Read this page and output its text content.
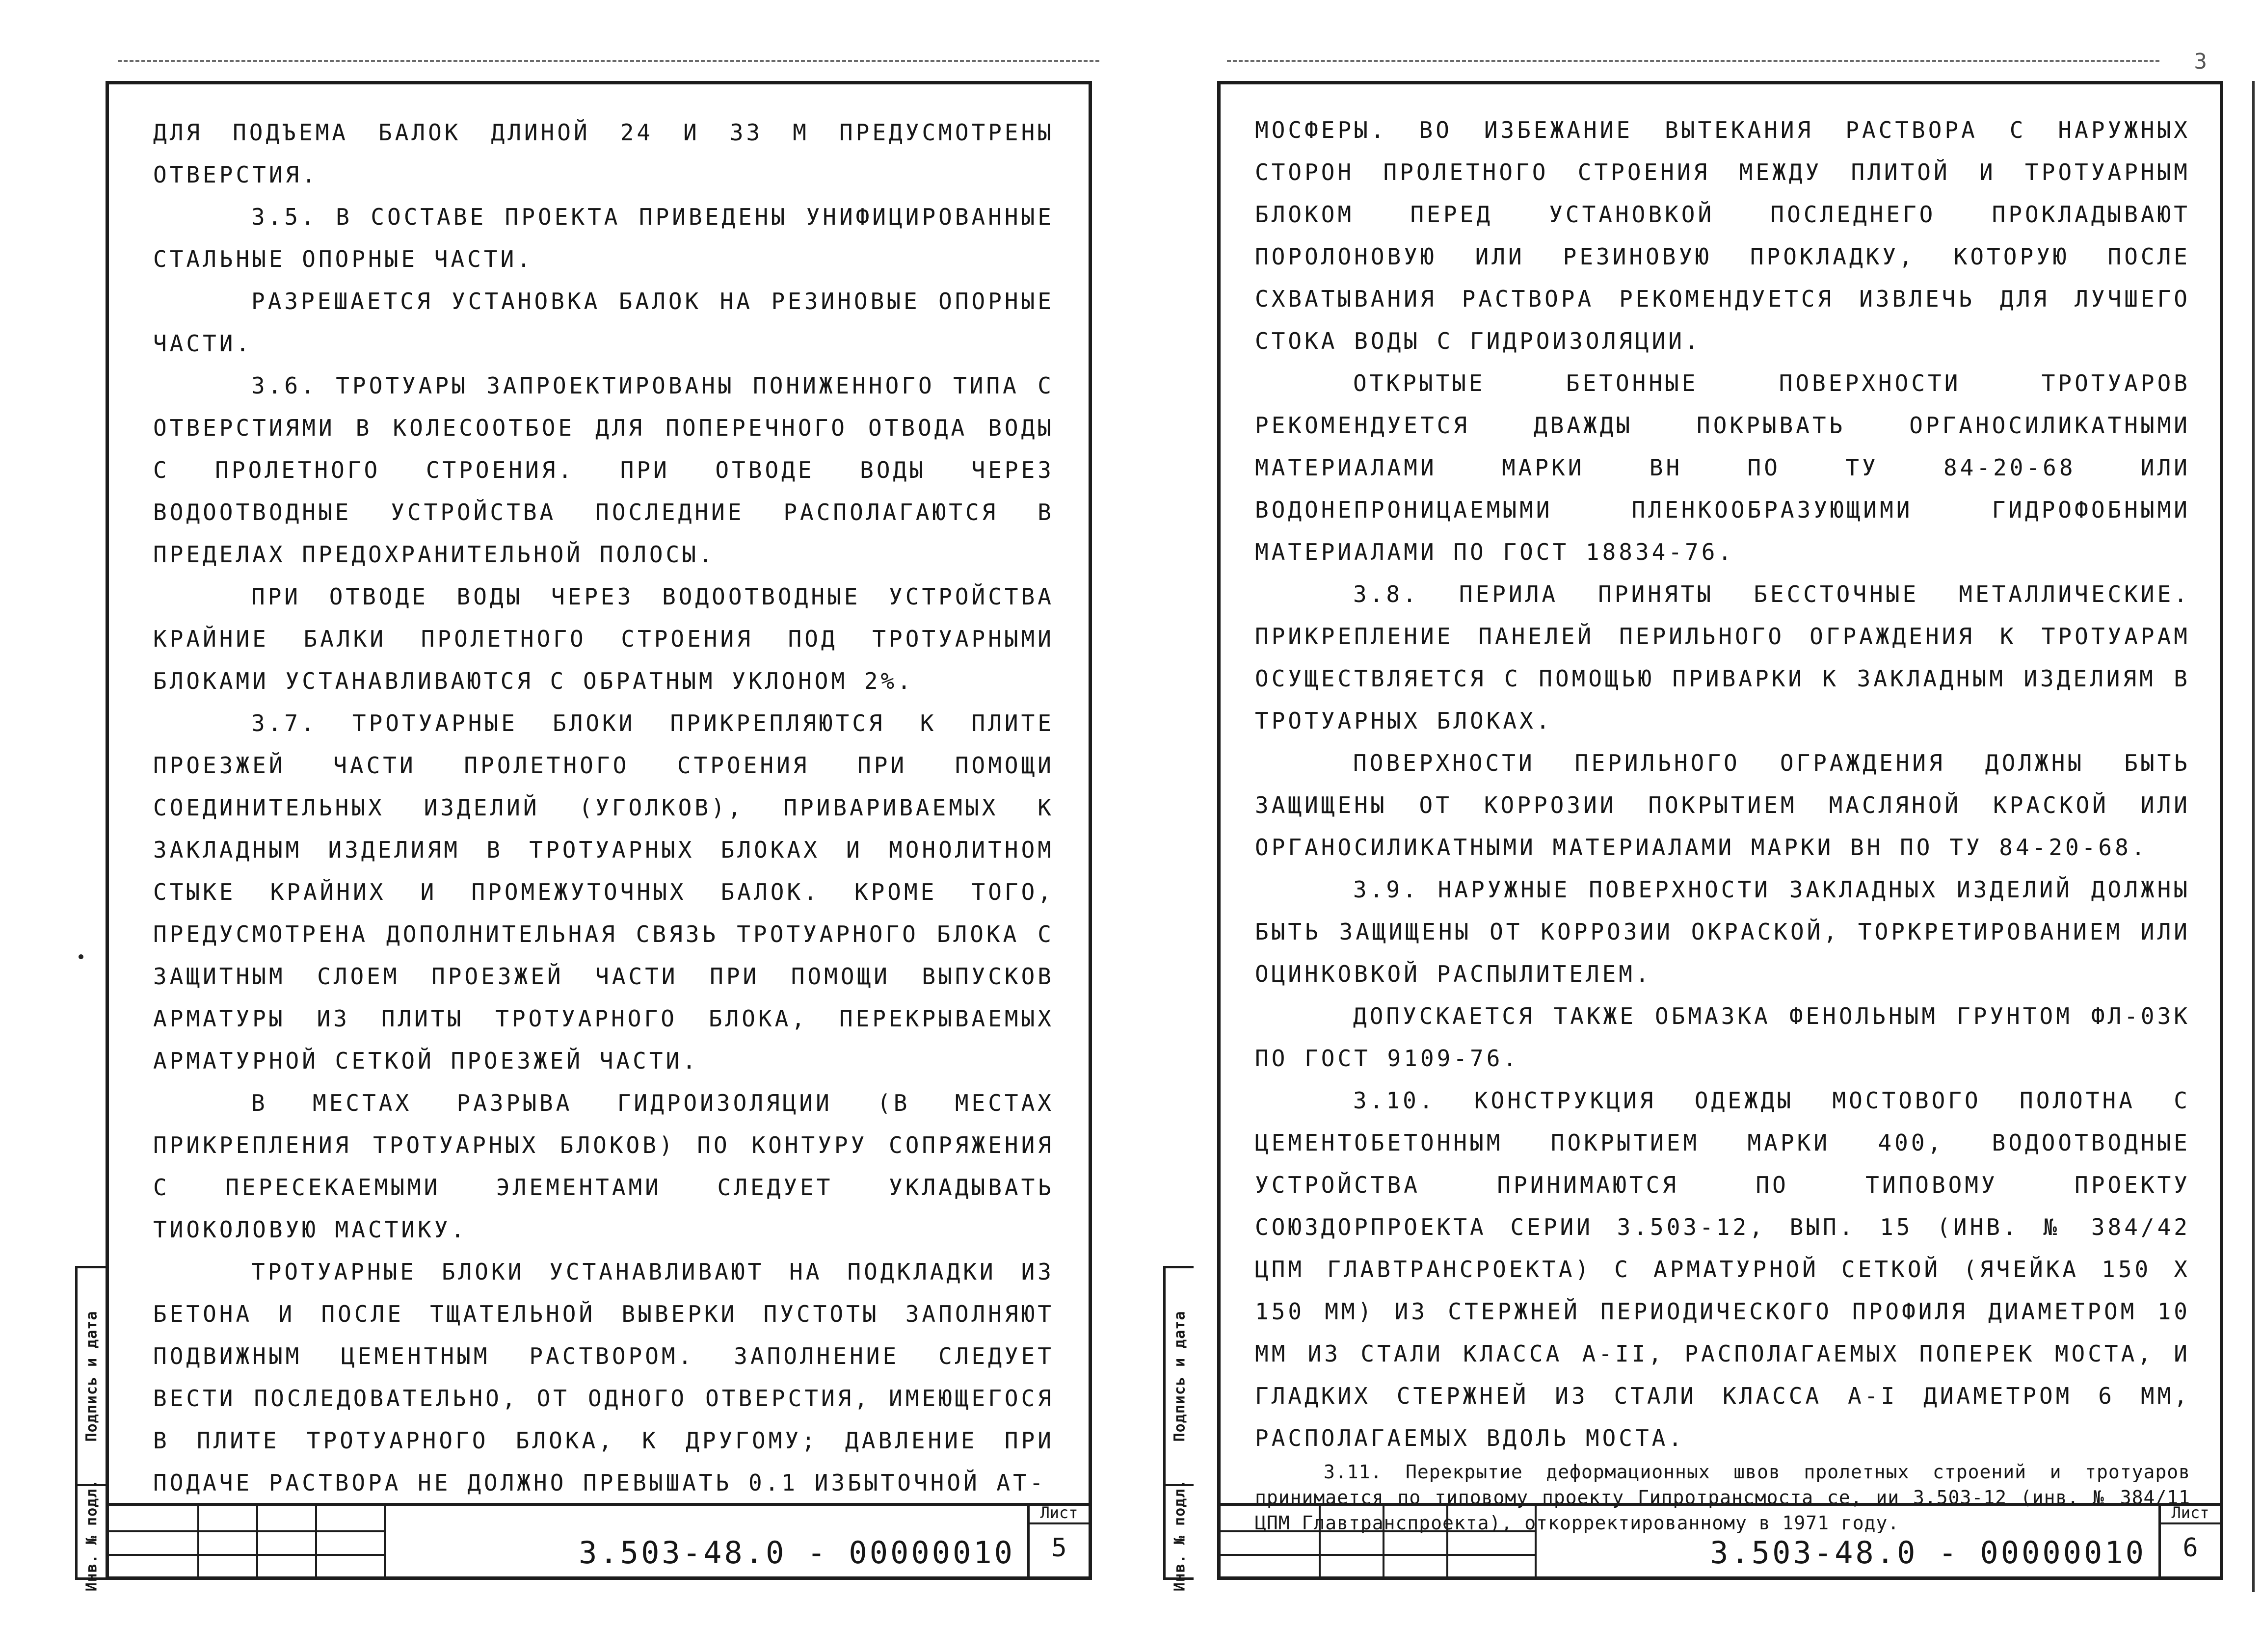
3
Подпись и дата
Инв. № подл.

ДЛЯ ПОДЪЕМА БАЛОК ДЛИНОЙ 24 И 33 М ПРЕДУСМОТРЕНЫ ОТВЕРСТИЯ.

3.5. В СОСТАВЕ ПРОЕКТА ПРИВЕДЕНЫ УНИФИЦИРОВАННЫЕ СТАЛЬНЫЕ ОПОРНЫЕ ЧАСТИ.

РАЗРЕШАЕТСЯ УСТАНОВКА БАЛОК НА РЕЗИНОВЫЕ ОПОРНЫЕ ЧАСТИ.

3.6. ТРОТУАРЫ ЗАПРОЕКТИРОВАНЫ ПОНИЖЕННОГО ТИПА С ОТВЕРСТИЯМИ В КОЛЕСООТБОЕ ДЛЯ ПОПЕРЕЧНОГО ОТВОДА ВОДЫ С ПРОЛЕТНОГО СТРОЕНИЯ. ПРИ ОТВОДЕ ВОДЫ ЧЕРЕЗ ВОДООТВОДНЫЕ УСТРОЙСТВА ПОСЛЕДНИЕ РАСПОЛАГАЮТСЯ В ПРЕДЕЛАХ ПРЕДОХРАНИТЕЛЬНОЙ ПОЛОСЫ.

ПРИ ОТВОДЕ ВОДЫ ЧЕРЕЗ ВОДООТВОДНЫЕ УСТРОЙСТВА КРАЙНИЕ БАЛКИ ПРОЛЕТНОГО СТРОЕНИЯ ПОД ТРОТУАРНЫМИ БЛОКАМИ УСТАНАВЛИВАЮТСЯ С ОБРАТНЫМ УКЛОНОМ 2%.

3.7. ТРОТУАРНЫЕ БЛОКИ ПРИКРЕПЛЯЮТСЯ К ПЛИТЕ ПРОЕЗЖЕЙ ЧАСТИ ПРОЛЕТНОГО СТРОЕНИЯ ПРИ ПОМОЩИ СОЕДИНИТЕЛЬНЫХ ИЗДЕЛИЙ (УГОЛКОВ), ПРИВАРИВАЕМЫХ К ЗАКЛАДНЫМ ИЗДЕЛИЯМ В ТРОТУАРНЫХ БЛОКАХ И МОНОЛИТНОМ СТЫКЕ КРАЙНИХ И ПРОМЕЖУТОЧНЫХ БАЛОК. КРОМЕ ТОГО, ПРЕДУСМОТРЕНА ДОПОЛНИТЕЛЬНАЯ СВЯЗЬ ТРОТУАРНОГО БЛОКА С ЗАЩИТНЫМ СЛОЕМ ПРОЕЗЖЕЙ ЧАСТИ ПРИ ПОМОЩИ ВЫПУСКОВ АРМАТУРЫ ИЗ ПЛИТЫ ТРОТУАРНОГО БЛОКА, ПЕРЕКРЫВАЕМЫХ АРМАТУРНОЙ СЕТКОЙ ПРОЕЗЖЕЙ ЧАСТИ.

В МЕСТАХ РАЗРЫВА ГИДРОИЗОЛЯЦИИ (В МЕСТАХ ПРИКРЕПЛЕНИЯ ТРОТУАРНЫХ БЛОКОВ) ПО КОНТУРУ СОПРЯЖЕНИЯ С ПЕРЕСЕКАЕМЫМИ ЭЛЕМЕНТАМИ СЛЕДУЕТ УКЛАДЫВАТЬ ТИОКОЛОВУЮ МАСТИКУ.

ТРОТУАРНЫЕ БЛОКИ УСТАНАВЛИВАЮТ НА ПОДКЛАДКИ ИЗ БЕТОНА И ПОСЛЕ ТЩАТЕЛЬНОЙ ВЫВЕРКИ ПУСТОТЫ ЗАПОЛНЯЮТ ПОДВИЖНЫМ ЦЕМЕНТНЫМ РАСТВОРОМ. ЗАПОЛНЕНИЕ СЛЕДУЕТ ВЕСТИ ПОСЛЕДОВАТЕЛЬНО, ОТ ОДНОГО ОТВЕРСТИЯ, ИМЕЮЩЕГОСЯ В ПЛИТЕ ТРОТУАРНОГО БЛОКА, К ДРУГОМУ; ДАВЛЕНИЕ ПРИ ПОДАЧЕ РАСТВОРА НЕ ДОЛЖНО ПРЕВЫШАТЬ 0.1 ИЗБЫТОЧНОЙ АТ-

3.503-48.0 - 00000010
Лист
5
Подпись и дата
Инв. № подл.

МОСФЕРЫ. ВО ИЗБЕЖАНИЕ ВЫТЕКАНИЯ РАСТВОРА С НАРУЖНЫХ СТОРОН ПРОЛЕТНОГО СТРОЕНИЯ МЕЖДУ ПЛИТОЙ И ТРОТУАРНЫМ БЛОКОМ ПЕРЕД УСТАНОВКОЙ ПОСЛЕДНЕГО ПРОКЛАДЫВАЮТ ПОРОЛОНОВУЮ ИЛИ РЕЗИНОВУЮ ПРОКЛАДКУ, КОТОРУЮ ПОСЛЕ СХВАТЫВАНИЯ РАСТВОРА РЕКОМЕНДУЕТСЯ ИЗВЛЕЧЬ ДЛЯ ЛУЧШЕГО СТОКА ВОДЫ С ГИДРОИЗОЛЯЦИИ.

ОТКРЫТЫЕ БЕТОННЫЕ ПОВЕРХНОСТИ ТРОТУАРОВ РЕКОМЕНДУЕТСЯ ДВАЖДЫ ПОКРЫВАТЬ ОРГАНОСИЛИКАТНЫМИ МАТЕРИАЛАМИ МАРКИ ВН ПО ТУ 84-20-68 ИЛИ ВОДОНЕПРОНИЦАЕМЫМИ ПЛЕНКООБРАЗУЮЩИМИ ГИДРОФОБНЫМИ МАТЕРИАЛАМИ ПО ГОСТ 18834-76.

3.8. ПЕРИЛА ПРИНЯТЫ БЕССТОЧНЫЕ МЕТАЛЛИЧЕСКИЕ. ПРИКРЕПЛЕНИЕ ПАНЕЛЕЙ ПЕРИЛЬНОГО ОГРАЖДЕНИЯ К ТРОТУАРАМ ОСУЩЕСТВЛЯЕТСЯ С ПОМОЩЬЮ ПРИВАРКИ К ЗАКЛАДНЫМ ИЗДЕЛИЯМ В ТРОТУАРНЫХ БЛОКАХ.

ПОВЕРХНОСТИ ПЕРИЛЬНОГО ОГРАЖДЕНИЯ ДОЛЖНЫ БЫТЬ ЗАЩИЩЕНЫ ОТ КОРРОЗИИ ПОКРЫТИЕМ МАСЛЯНОЙ КРАСКОЙ ИЛИ ОРГАНОСИЛИКАТНЫМИ МАТЕРИАЛАМИ МАРКИ ВН ПО ТУ 84-20-68.

3.9. НАРУЖНЫЕ ПОВЕРХНОСТИ ЗАКЛАДНЫХ ИЗДЕЛИЙ ДОЛЖНЫ БЫТЬ ЗАЩИЩЕНЫ ОТ КОРРОЗИИ ОКРАСКОЙ, ТОРКРЕТИРОВАНИЕМ ИЛИ ОЦИНКОВКОЙ РАСПЫЛИТЕЛЕМ.

ДОПУСКАЕТСЯ ТАКЖЕ ОБМАЗКА ФЕНОЛЬНЫМ ГРУНТОМ ФЛ-03К ПО ГОСТ 9109-76.

3.10. КОНСТРУКЦИЯ ОДЕЖДЫ МОСТОВОГО ПОЛОТНА С ЦЕМЕНТОБЕТОННЫМ ПОКРЫТИЕМ МАРКИ 400, ВОДООТВОДНЫЕ УСТРОЙСТВА ПРИНИМАЮТСЯ ПО ТИПОВОМУ ПРОЕКТУ СОЮЗДОРПРОЕКТА СЕРИИ 3.503-12, ВЫП. 15 (ИНВ. № 384/42 ЦПМ ГЛАВТРАНСРОЕКТА) С АРМАТУРНОЙ СЕТКОЙ (ЯЧЕЙКА 150 Х 150 ММ) ИЗ СТЕРЖНЕЙ ПЕРИОДИЧЕСКОГО ПРОФИЛЯ ДИАМЕТРОМ 10 ММ ИЗ СТАЛИ КЛАССА А-II, РАСПОЛАГАЕМЫХ ПОПЕРЕК МОСТА, И ГЛАДКИХ СТЕРЖНЕЙ ИЗ СТАЛИ КЛАССА А-I ДИАМЕТРОМ 6 ММ, РАСПОЛАГАЕМЫХ ВДОЛЬ МОСТА.

3.11. Перекрытие деформационных швов пролетных строений и тротуаров принимается по типовому проекту Гипротрансмоста се, ии 3.503-12 (инв. № 384/11 ЦПМ Главтранспроекта), откорректированному в 1971 году.

3.503-48.0 - 00000010
Лист
6
